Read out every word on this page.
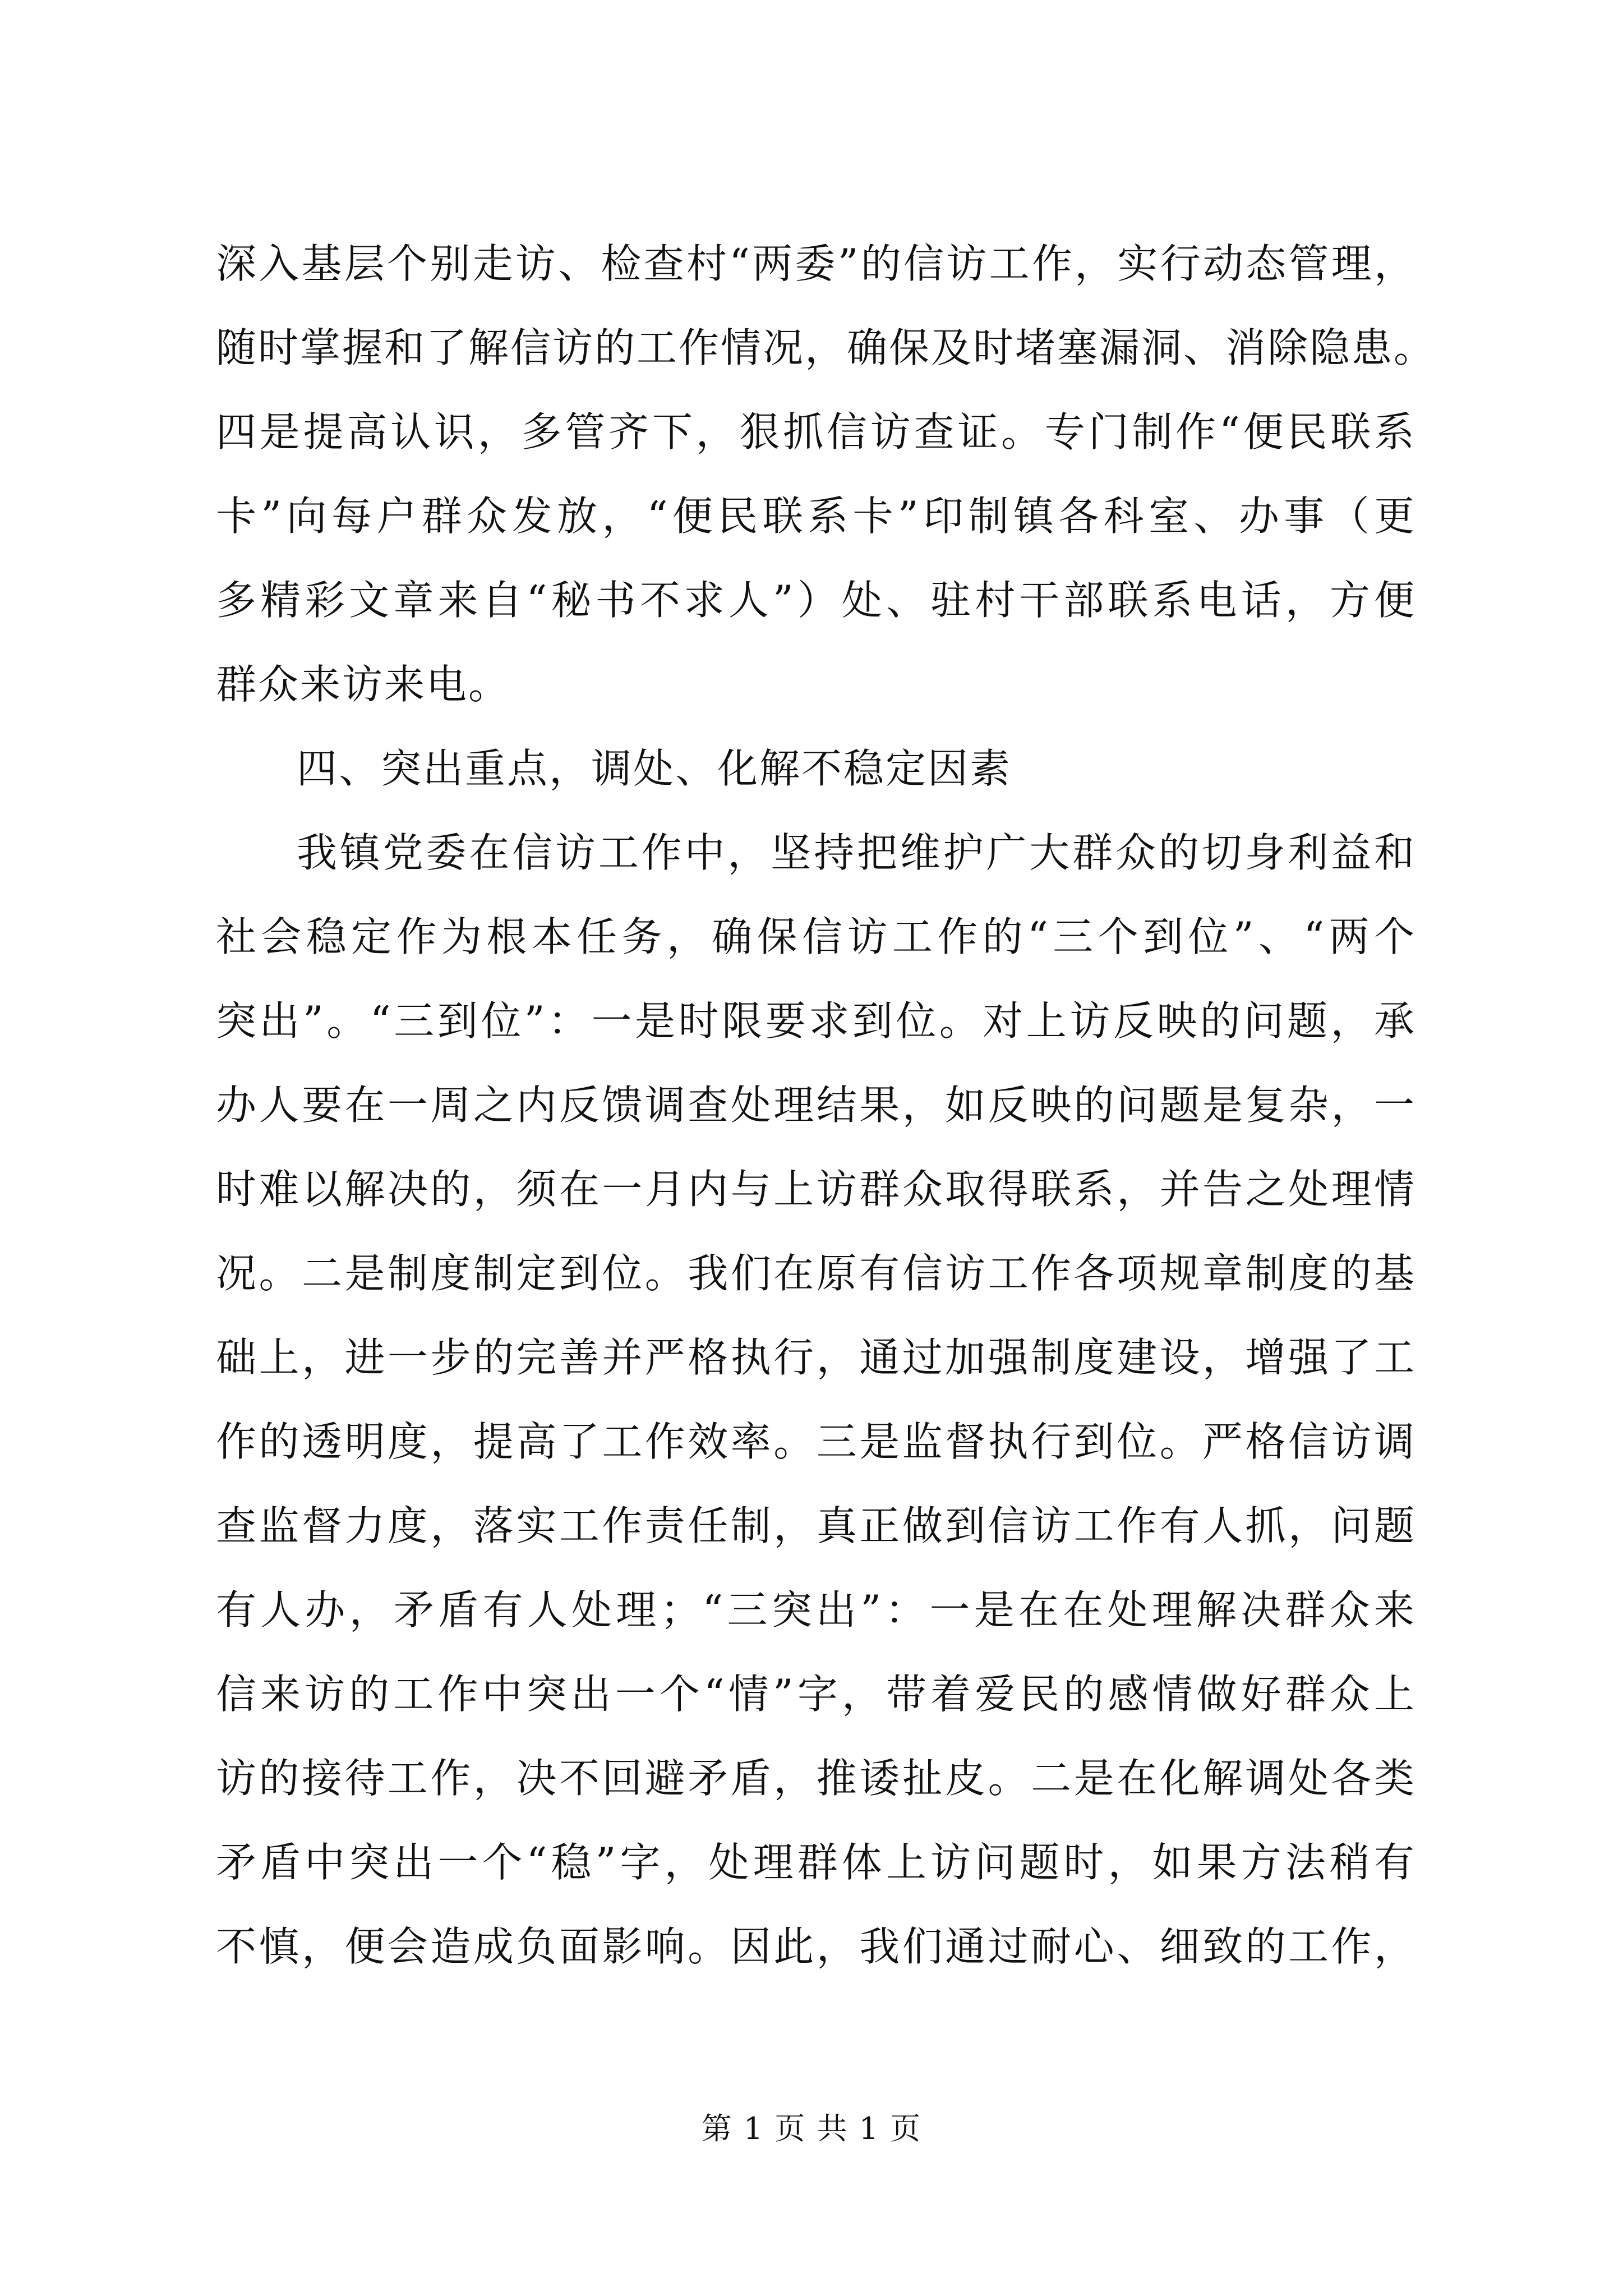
深入基层个别走访、检查村“两委”的信访工作，实行动态管理，
随时掌握和了解信访的工作情况，确保及时堵塞漏洞、消除隐患。
四是提高认识，多管齐下，狠抓信访查证。专门制作“便民联系
卡”向每户群众发放，“便民联系卡”印制镇各科室、办事（更
多精彩文章来自“秘书不求人”）处、驻村干部联系电话，方便
群众来访来电。
四、突出重点，调处、化解不稳定因素
我镇党委在信访工作中，坚持把维护广大群众的切身利益和
社会稳定作为根本任务，确保信访工作的“三个到位”、“两个
突出”。“三到位”：一是时限要求到位。对上访反映的问题，承
办人要在一周之内反馈调查处理结果，如反映的问题是复杂，一
时难以解决的，须在一月内与上访群众取得联系，并告之处理情
况。二是制度制定到位。我们在原有信访工作各项规章制度的基
础上，进一步的完善并严格执行，通过加强制度建设，增强了工
作的透明度，提高了工作效率。三是监督执行到位。严格信访调
查监督力度，落实工作责任制，真正做到信访工作有人抓，问题
有人办，矛盾有人处理；“三突出”：一是在在处理解决群众来
信来访的工作中突出一个“情”字，带着爱民的感情做好群众上
访的接待工作，决不回避矛盾，推诿扯皮。二是在化解调处各类
矛盾中突出一个“稳”字，处理群体上访问题时，如果方法稍有
不慎，便会造成负面影响。因此，我们通过耐心、细致的工作，
第 1 页 共 1 页
